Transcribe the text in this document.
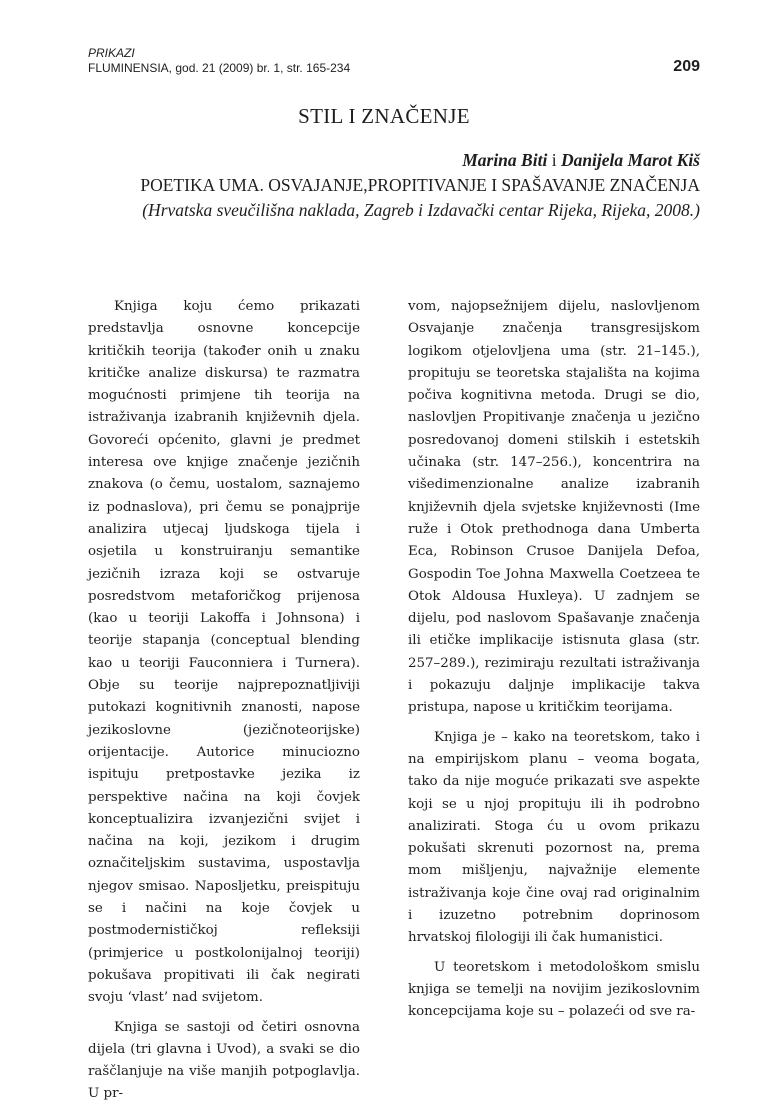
PRIKAZI
FLUMINENSIA, god. 21 (2009) br. 1, str. 165-234	209
STIL I ZNAČENJE
Marina Biti i Danijela Marot Kiš
POETIKA UMA. OSVAJANJE,PROPITIVANJE I SPAŠAVANJE ZNAČENJA
(Hrvatska sveučilišna naklada, Zagreb i Izdavački centar Rijeka, Rijeka, 2008.)

Knjiga koju ćemo prikazati predstavlja osnovne koncepcije kritičkih teorija (također onih u znaku kritičke analize diskursa) te razmatra mogućnosti primjene tih teorija na istraživanja izabranih književnih djela. Govoreći općenito, glavni je predmet interesa ove knjige značenje jezičnih znakova (o čemu, uostalom, saznajemo iz podnaslova), pri čemu se ponajprije analizira utjecaj ljudskoga tijela i osjetila u konstruiranju semantike jezičnih izraza koji se ostvaruje posredstvom metaforičkog prijenosa (kao u teoriji Lakoffa i Johnsona) i teorije stapanja (conceptual blending kao u teoriji Fauconniera i Turnera). Obje su teorije najprepoznatljiviji putokazi kognitivnih znanosti, napose jezikoslovne (jezičnoteorijske) orijentacije. Autorice minuciozno ispituju pretpostavke jezika iz perspektive načina na koji čovjek konceptualizira izvanjezični svijet i načina na koji, jezikom i drugim označiteljskim sustavima, uspostavlja njegov smisao. Naposljetku, preispituju se i načini na koje čovjek u postmodernističkoj refleksiji (primjerice u postkolonijalnoj teoriji) pokušava propitivati ili čak negirati svoju ‘vlast’ nad svijetom.

Knjiga se sastoji od četiri osnovna dijela (tri glavna i Uvod), a svaki se dio raščlanjuje na više manjih potpoglavlja. U pr-

vom, najopsežnijem dijelu, naslovljenom Osvajanje značenja transgresijskom logikom otjelovljena uma (str. 21–145.), propituju se teoretska stajališta na kojima počiva kognitivna metoda. Drugi se dio, naslovljen Propitivanje značenja u jezično posredovanoj domeni stilskih i estetskih učinaka (str. 147–256.), koncentrira na višedimenzionalne analize izabranih književnih djela svjetske književnosti (Ime ruže i Otok prethodnoga dana Umberta Eca, Robinson Crusoe Danijela Defoa, Gospodin Toe Johna Maxwella Coetzeea te Otok Aldousa Huxleya). U zadnjem se dijelu, pod naslovom Spašavanje značenja ili etičke implikacije istisnuta glasa (str. 257–289.), rezimiraju rezultati istraživanja i pokazuju daljnje implikacije takva pristupa, napose u kritičkim teorijama.

Knjiga je – kako na teoretskom, tako i na empirijskom planu – veoma bogata, tako da nije moguće prikazati sve aspekte koji se u njoj propituju ili ih podrobno analizirati. Stoga ću u ovom prikazu pokušati skrenuti pozornost na, prema mom mišljenju, najvažnije elemente istraživanja koje čine ovaj rad originalnim i izuzetno potrebnim doprinosom hrvatskoj filologiji ili čak humanistici.

U teoretskom i metodološkom smislu knjiga se temelji na novijim jezikoslovnim koncepcijama koje su – polazeći od sve ra-
